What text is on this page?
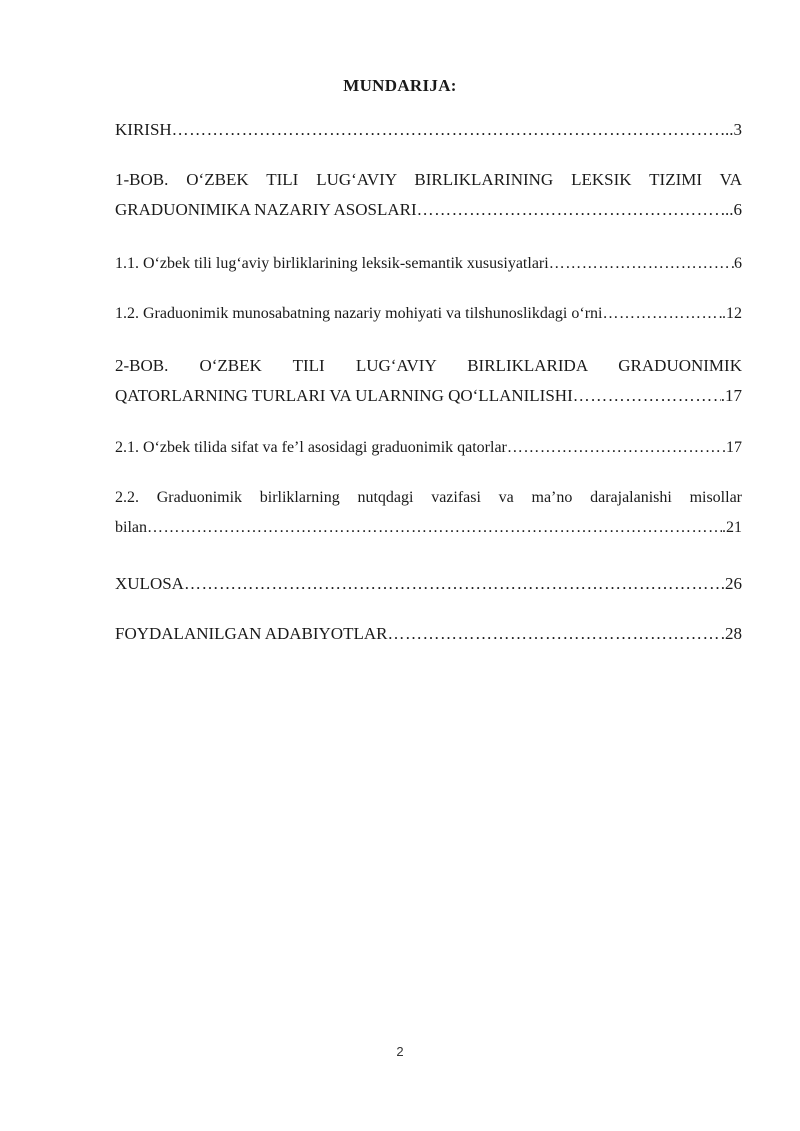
MUNDARIJA:
KIRISH …………………………………………………………………………………………………………………………………………………………………………	..3
1-BOB. O‘ZBEK TILI LUG‘AVIY BIRLIKLARINING LEKSIK TIZIMI VA
GRADUONIMIKA NAZARIY ASOSLARI …………………………………………………………………………………………………………………………………………………………………………	...6
1.1. O‘zbek tili lug‘aviy birliklarining leksik-semantik xususiyatlari …………………………………………………………………………………………………………………………………………………………………………	6
1.2. Graduonimik munosabatning nazariy mohiyati va tilshunoslikdagi o‘rni …………………………………………………………………………………………………………………………………………………………………………	.12
2-BOB. O‘ZBEK TILI LUG‘AVIY BIRLIKLARIDA GRADUONIMIK
QATORLARNING TURLARI VA ULARNING QO‘LLANILISHI …………………………………………………………………………………………………………………………………………………………………………	.17
2.1. O‘zbek tilida sifat va fe’l asosidagi graduonimik qatorlar …………………………………………………………………………………………………………………………………………………………………………	.17
2.2. Graduonimik birliklarning nutqdagi vazifasi va ma’no darajalanishi misollar
bilan …………………………………………………………………………………………………………………………………………………………………………	.21
XULOSA …………………………………………………………………………………………………………………………………………………………………………	.26
FOYDALANILGAN ADABIYOTLAR …………………………………………………………………………………………………………………………………………………………………………	.28
2
